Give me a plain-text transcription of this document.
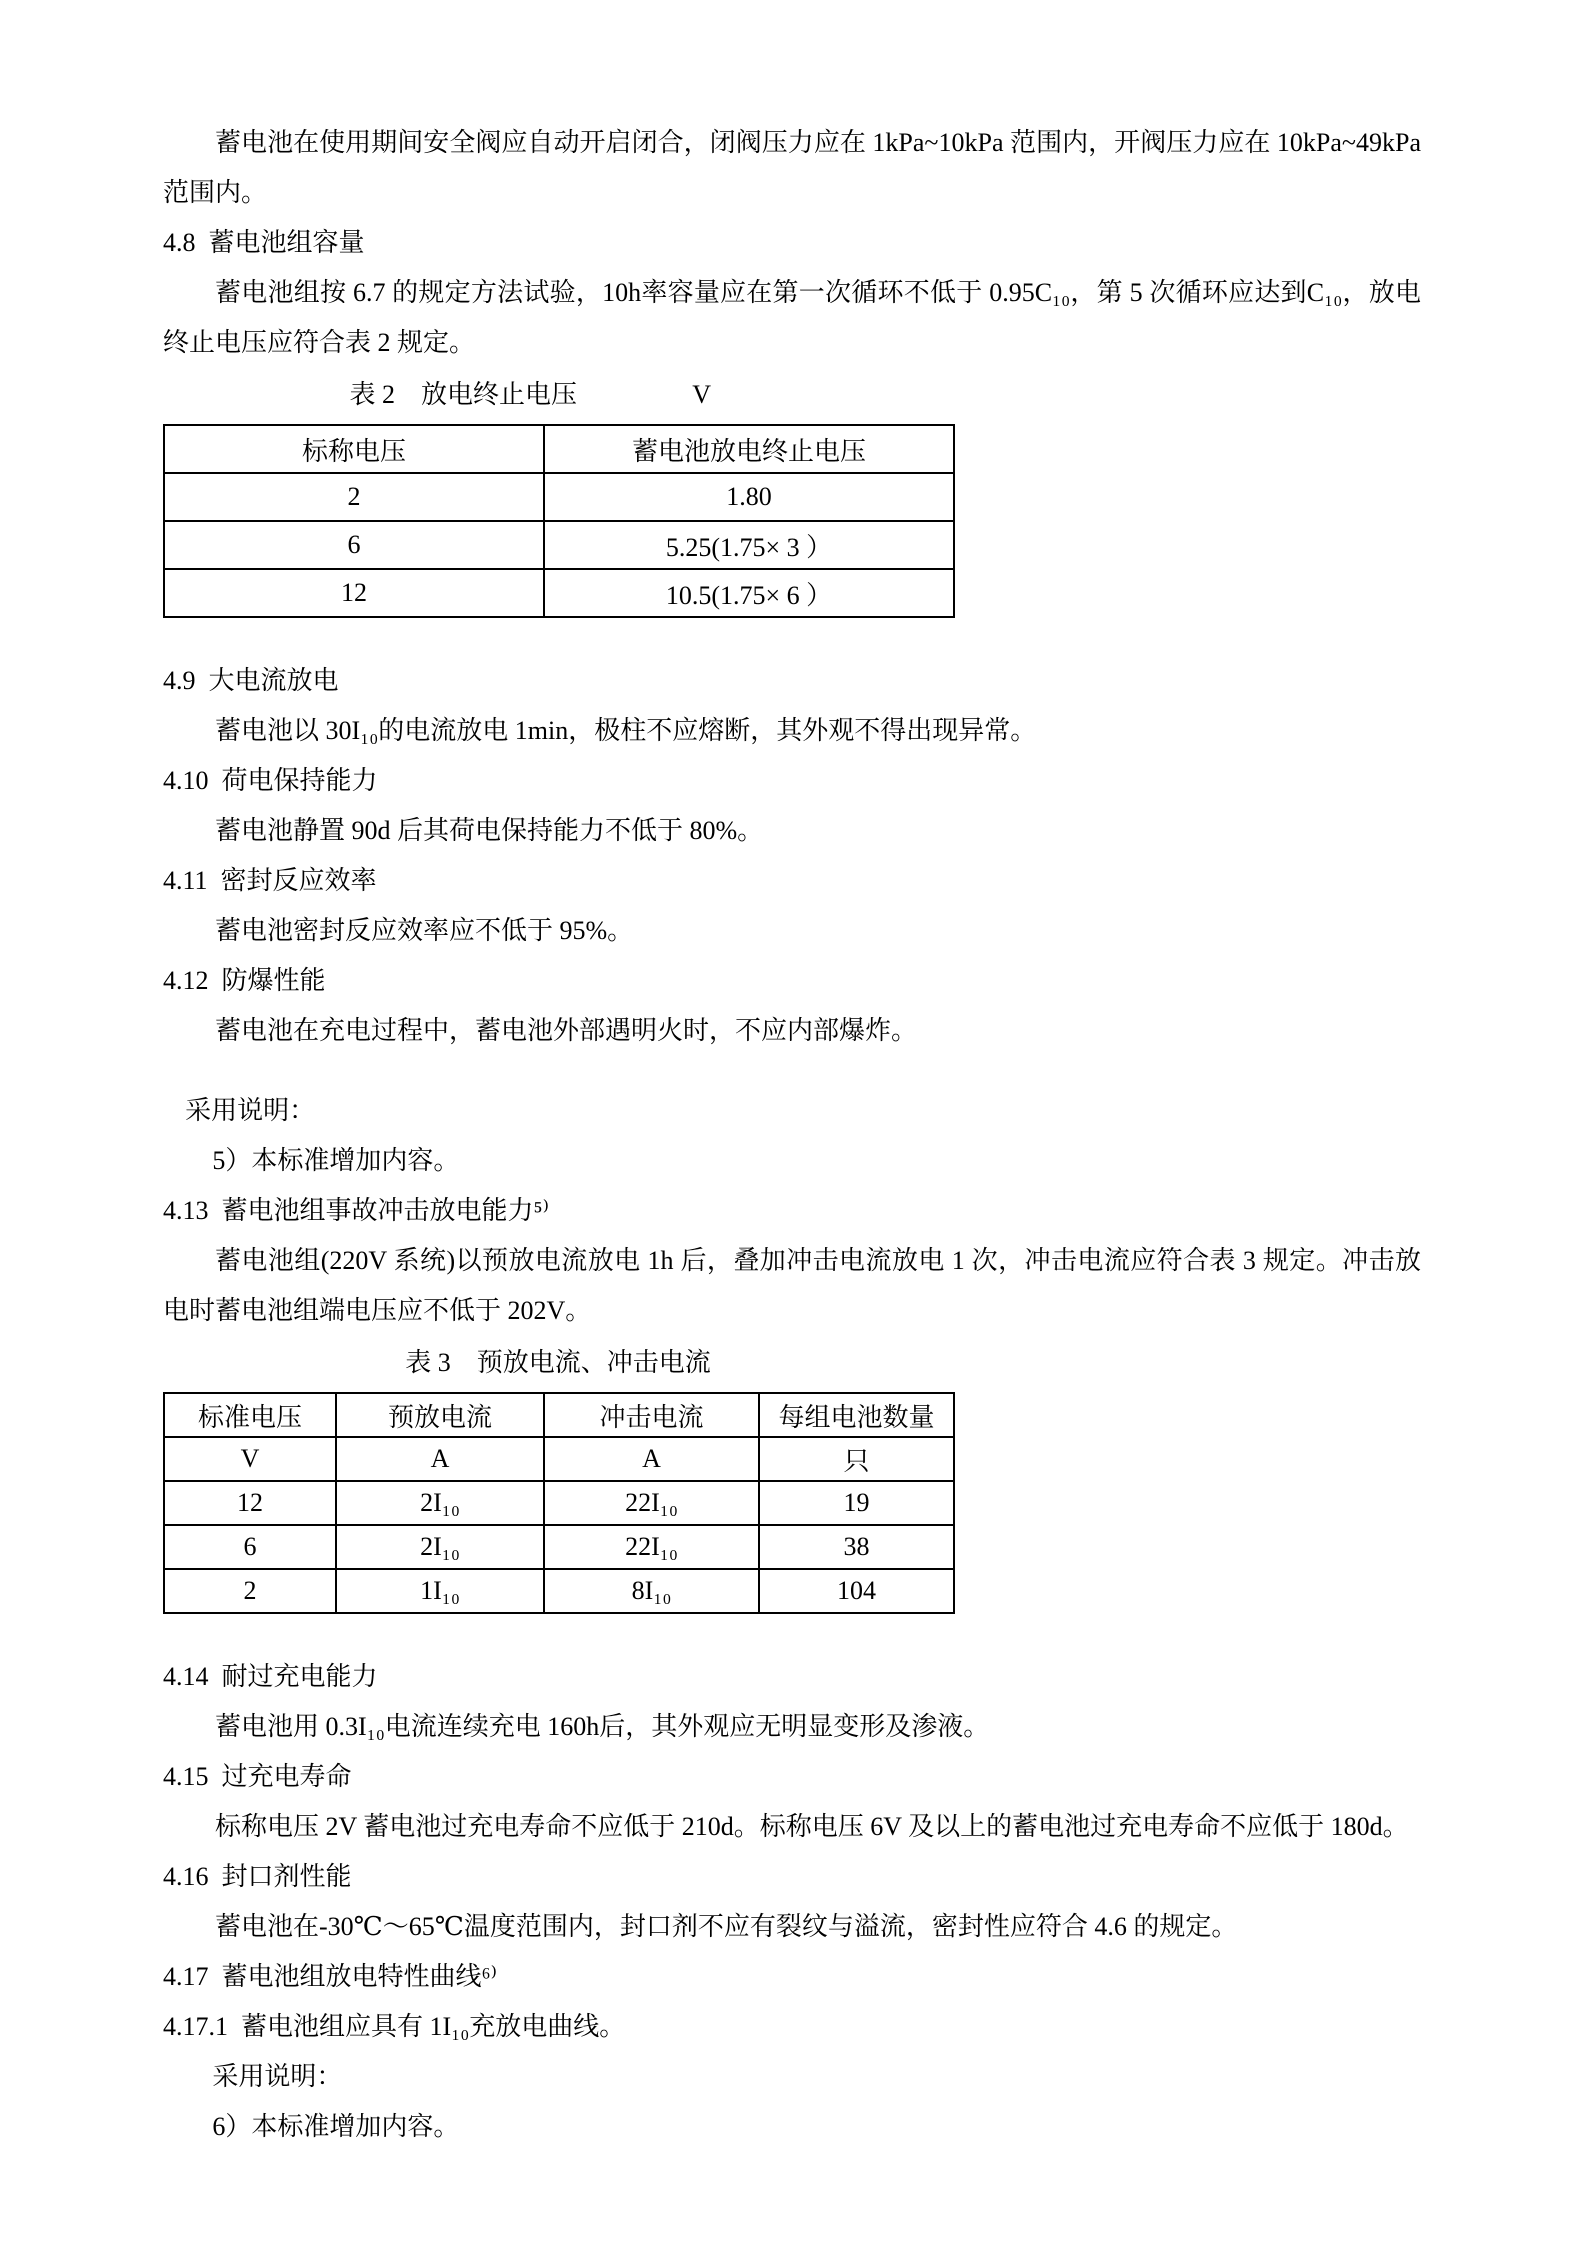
蓄电池在使用期间安全阀应自动开启闭合，闭阀压力应在 1kPa~10kPa 范围内，开阀压力应在 10kPa~49kPa 范围内。

4.8  蓄电池组容量

蓄电池组按 6.7 的规定方法试验，10h率容量应在第一次循环不低于 0.95C₁₀，第 5 次循环应达到C₁₀，放电终止电压应符合表 2 规定。

表 2　放电终止电压	V
标称电压	蓄电池放电终止电压
2	1.80
6	5.25(1.75× 3 ）
12	10.5(1.75× 6 ）

4.9  大电流放电

蓄电池以 30I₁₀的电流放电 1min，极柱不应熔断，其外观不得出现异常。

4.10  荷电保持能力

蓄电池静置 90d 后其荷电保持能力不低于 80%。

4.11  密封反应效率

蓄电池密封反应效率应不低于 95%。

4.12  防爆性能

蓄电池在充电过程中，蓄电池外部遇明火时，不应内部爆炸。

采用说明：

5）本标准增加内容。

4.13  蓄电池组事故冲击放电能力⁵⁾

蓄电池组(220V 系统)以预放电流放电 1h 后，叠加冲击电流放电 1 次，冲击电流应符合表 3 规定。冲击放电时蓄电池组端电压应不低于 202V。

表 3　预放电流、冲击电流
标准电压	预放电流	冲击电流	每组电池数量
V	A	A	只
12	2I₁₀	22I₁₀	19
6	2I₁₀	22I₁₀	38
2	1I₁₀	8I₁₀	104

4.14  耐过充电能力

蓄电池用 0.3I₁₀电流连续充电 160h后，其外观应无明显变形及渗液。

4.15  过充电寿命

标称电压 2V 蓄电池过充电寿命不应低于 210d。标称电压 6V 及以上的蓄电池过充电寿命不应低于 180d。

4.16  封口剂性能

蓄电池在-30℃～65℃温度范围内，封口剂不应有裂纹与溢流，密封性应符合 4.6 的规定。

4.17  蓄电池组放电特性曲线⁶⁾

4.17.1  蓄电池组应具有 1I₁₀充放电曲线。

采用说明：

6）本标准增加内容。
